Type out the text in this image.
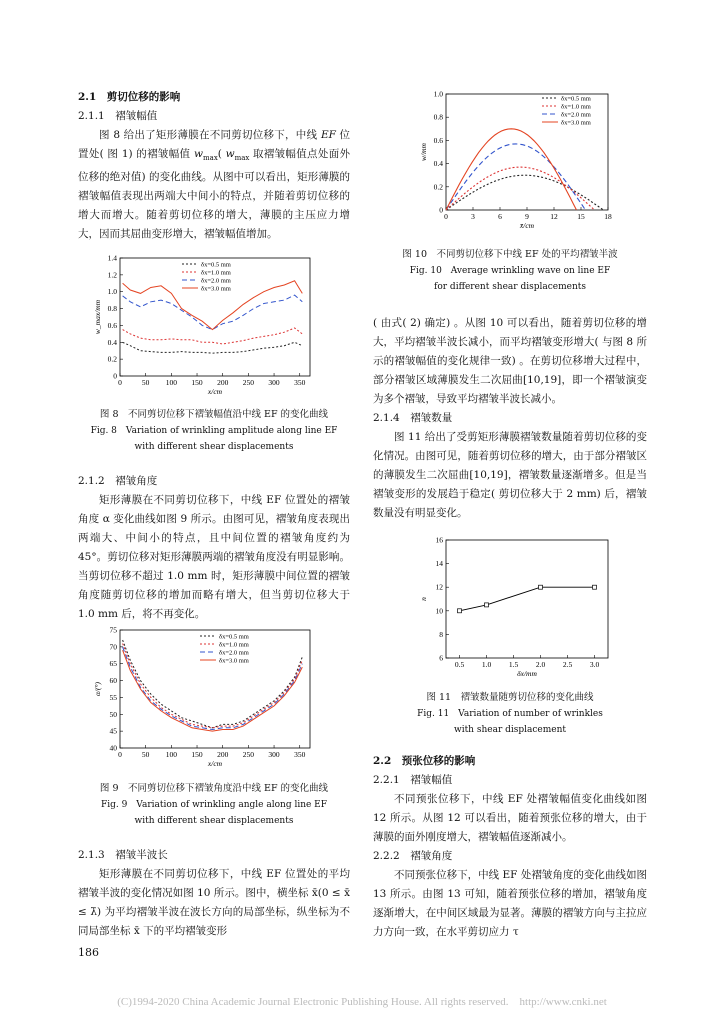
2.1　剪切位移的影响
2.1.1　褶皱幅值
图 8 给出了矩形薄膜在不同剪切位移下，中线 EF 位置处( 图 1) 的褶皱幅值 $w_{max}$( $w_{max}$ 取褶皱幅值点处面外位移的绝对值) 的变化曲线。从图中可以看出，矩形薄膜的褶皱幅值表现出两端大中间小的特点，并随着剪切位移的增大而增大。随着剪切位移的增大，薄膜的主压应力增大，因而其屈曲变形增大，褶皱幅值增加。
0	50 100 150 200 250 300 350
0
0.2
0.4
0.6
0.8
1.0
1.2
1.4
x/cm
w_max/mm
δx=0.5 mm
δx=1.0 mm
δx=2.0 mm
δx=3.0 mm
图 8　不同剪切位移下褶皱幅值沿中线 EF 的变化曲线
Fig. 8　Variation of wrinkling amplitude along line EF
with different shear displacements
2.1.2　褶皱角度
矩形薄膜在不同剪切位移下，中线 EF 位置处的褶皱角度 α 变化曲线如图 9 所示。由图可见，褶皱角度表现出两端大、中间小的特点，且中间位置的褶皱角度约为 45°。剪切位移对矩形薄膜两端的褶皱角度没有明显影响。当剪切位移不超过 1.0 mm 时，矩形薄膜中间位置的褶皱角度随剪切位移的增加而略有增大，但当剪切位移大于 1.0 mm 后，将不再变化。
0	50 100 150 200 250 300 350
40
45
50
55
60
65
70
75
x/cm
α/(°)
δx=0.5 mm
δx=1.0 mm
δx=2.0 mm
δx=3.0 mm
图 9　不同剪切位移下褶皱角度沿中线 EF 的变化曲线
Fig. 9　Variation of wrinkling angle along line EF
with different shear displacements
2.1.3　褶皱半波长
矩形薄膜在不同剪切位移下，中线 EF 位置处的平均褶皱半波的变化情况如图 10 所示。图中，横坐标 x̄(0 ≤ x̄ ≤ λ̄) 为平均褶皱半波在波长方向的局部坐标，纵坐标为不同局部坐标 x̄ 下的平均褶皱变形
0	3	6	9	12	15	18
0
0.2
0.4
0.6
0.8
1.0
x̄/cm
w/mm
δx=0.5 mm
δx=1.0 mm
δx=2.0 mm
δx=3.0 mm
图 10　不同剪切位移下中线 EF 处的平均褶皱半波
Fig. 10　Average wrinkling wave on line EF
for different shear displacements
( 由式( 2) 确定) 。从图 10 可以看出，随着剪切位移的增大，平均褶皱半波长减小，而平均褶皱变形增大( 与图 8 所示的褶皱幅值的变化规律一致) 。在剪切位移增大过程中，部分褶皱区域薄膜发生二次屈曲[10,19]，即一个褶皱演变为多个褶皱，导致平均褶皱半波长减小。
2.1.4　褶皱数量
图 11 给出了受剪矩形薄膜褶皱数量随着剪切位移的变化情况。由图可见，随着剪切位移的增大，由于部分褶皱区的薄膜发生二次屈曲[10,19]，褶皱数量逐渐增多。但是当褶皱变形的发展趋于稳定( 剪切位移大于 2 mm) 后，褶皱数量没有明显变化。
0.5 1.0 1.5 2.0 2.5 3.0
6
8
10
12
14
16
δx/mm
n
图 11　褶皱数量随剪切位移的变化曲线
Fig. 11　Variation of number of wrinkles
with shear displacement
2.2　预张位移的影响
2.2.1　褶皱幅值
不同预张位移下，中线 EF 处褶皱幅值变化曲线如图 12 所示。从图 12 可以看出，随着预张位移的增大，由于薄膜的面外刚度增大，褶皱幅值逐渐减小。
2.2.2　褶皱角度
不同预张位移下，中线 EF 处褶皱角度的变化曲线如图 13 所示。由图 13 可知，随着预张位移的增加，褶皱角度逐渐增大，在中间区域最为显著。薄膜的褶皱方向与主拉应力方向一致，在水平剪切应力 τ
186
(C)1994-2020 China Academic Journal Electronic Publishing House. All rights reserved.　http://www.cnki.net
